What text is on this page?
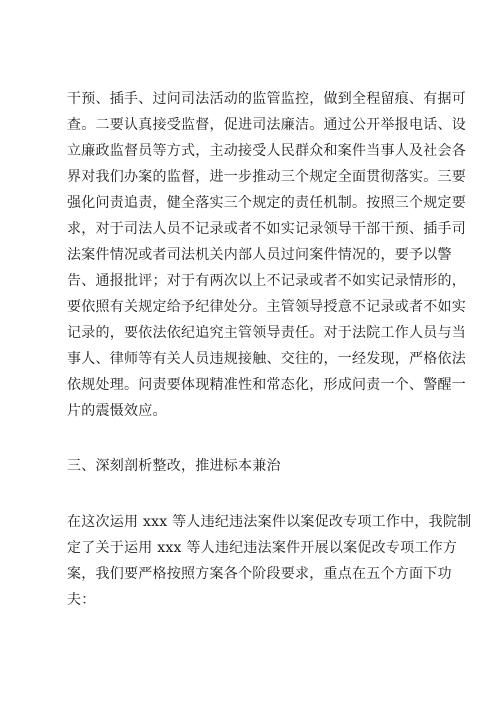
干预、插手、过问司法活动的监管监控，做到全程留痕、有据可
查。二要认真接受监督，促进司法廉洁。通过公开举报电话、设
立廉政监督员等方式，主动接受人民群众和案件当事人及社会各
界对我们办案的监督，进一步推动三个规定全面贯彻落实。三要
强化问责追责，健全落实三个规定的责任机制。按照三个规定要
求，对于司法人员不记录或者不如实记录领导干部干预、插手司
法案件情况或者司法机关内部人员过问案件情况的，要予以警
告、通报批评；对于有两次以上不记录或者不如实记录情形的，
要依照有关规定给予纪律处分。主管领导授意不记录或者不如实
记录的，要依法依纪追究主管领导责任。对于法院工作人员与当
事人、律师等有关人员违规接触、交往的，一经发现，严格依法
依规处理。问责要体现精准性和常态化，形成问责一个、警醒一
片的震慑效应。
三、深刻剖析整改，推进标本兼治
在这次运用 xxx 等人违纪违法案件以案促改专项工作中，我院制
定了关于运用 xxx 等人违纪违法案件开展以案促改专项工作方
案，我们要严格按照方案各个阶段要求，重点在五个方面下功
夫：
